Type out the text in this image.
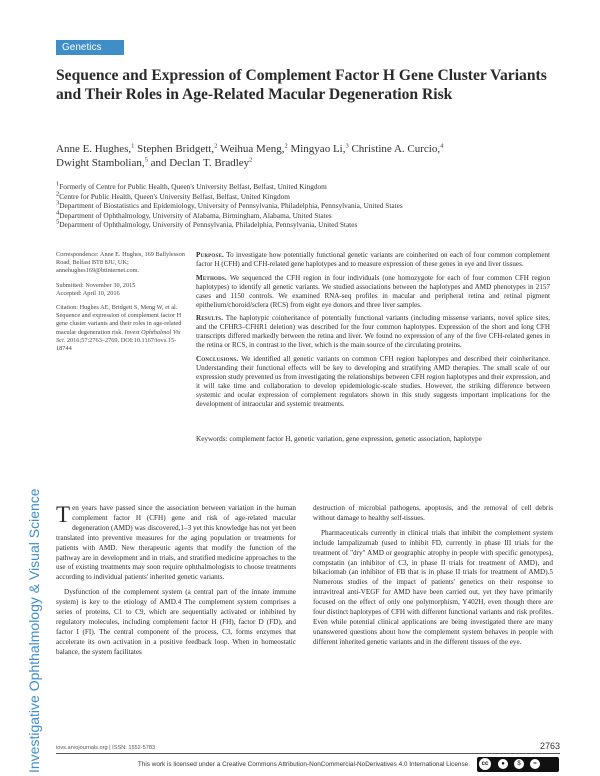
Genetics
Investigative Ophthalmology & Visual Science
Sequence and Expression of Complement Factor H Gene Cluster Variants and Their Roles in Age-Related Macular Degeneration Risk
Anne E. Hughes,$^1$ Stephen Bridgett,$^2$ Weihua Meng,$^2$ Mingyao Li,$^3$ Christine A. Curcio,$^4$
Dwight Stambolian,$^5$ and Declan T. Bradley$^2$
$^1$Formerly of Centre for Public Health, Queen's University Belfast, Belfast, United Kingdom
$^2$Centre for Public Health, Queen's University Belfast, Belfast, United Kingdom
$^3$Department of Biostatistics and Epidemiology, University of Pennsylvania, Philadelphia, Pennsylvania, United States
$^4$Department of Ophthalmology, University of Alabama, Birmingham, Alabama, United States
$^5$Department of Ophthalmology, University of Pennsylvania, Philadelphia, Pennsylvania, United States

Correspondence: Anne E. Hughes, 169 Ballylesson Road, Belfast BT8 8JU, UK; annehughes169@btinternet.com.

Submitted: November 30, 2015
Accepted: April 10, 2016

Citation: Hughes AE, Bridgett S, Meng W, et al. Sequence and expression of complement factor H gene cluster variants and their roles in age-related macular degeneration risk. Invest Ophthalmol Vis Sci. 2016;57:2763–2769. DOI:10.1167/iovs.15-18744

Purpose. To investigate how potentially functional genetic variants are coinherited on each of four common complement factor H (CFH) and CFH-related gene haplotypes and to measure expression of these genes in eye and liver tissues.

Methods. We sequenced the CFH region in four individuals (one homozygote for each of four common CFH region haplotypes) to identify all genetic variants. We studied associations between the haplotypes and AMD phenotypes in 2157 cases and 1150 controls. We examined RNA-seq profiles in macular and peripheral retina and retinal pigment epithelium/choroid/sclera (RCS) from eight eye donors and three liver samples.

Results. The haplotypic coinheritance of potentially functional variants (including missense variants, novel splice sites, and the CFHR3–CFHR1 deletion) was described for the four common haplotypes. Expression of the short and long CFH transcripts differed markedly between the retina and liver. We found no expression of any of the five CFH-related genes in the retina or RCS, in contrast to the liver, which is the main source of the circulating proteins.

Conclusions. We identified all genetic variants on common CFH region haplotypes and described their coinheritance. Understanding their functional effects will be key to developing and stratifying AMD therapies. The small scale of our expression study prevented us from investigating the relationships between CFH region haplotypes and their expression, and it will take time and collaboration to develop epidemiologic-scale studies. However, the striking difference between systemic and ocular expression of complement regulators shown in this study suggests important implications for the development of intraocular and systemic treatments.

Keywords: complement factor H, genetic variation, gene expression, genetic association, haplotype

Ten years have passed since the association between variation in the human complement factor H (CFH) gene and risk of age-related macular degeneration (AMD) was discovered,1–3 yet this knowledge has not yet been translated into preventive measures for the aging population or treatments for patients with AMD. New therapeutic agents that modify the function of the pathway are in development and in trials, and stratified medicine approaches to the use of existing treatments may soon require ophthalmologists to choose treatments according to individual patients' inherited genetic variants.

Dysfunction of the complement system (a central part of the innate immune system) is key to the etiology of AMD.4 The complement system comprises a series of proteins, C1 to C9, which are sequentially activated or inhibited by regulatory molecules, including complement factor H (FH), factor D (FD), and factor I (FI). The central component of the process, C3, forms enzymes that accelerate its own activation in a positive feedback loop. When in homeostatic balance, the system facilitates

destruction of microbial pathogens, apoptosis, and the removal of cell debris without damage to healthy self-tissues.

Pharmaceuticals currently in clinical trials that inhibit the complement system include lampalizumab (used to inhibit FD, currently in phase III trials for the treatment of "dry" AMD or geographic atrophy in people with specific genotypes), compstatin (an inhibitor of C3, in phase II trials for treatment of AMD), and bikaciomab (an inhibitor of FB that is in phase II trials for treatment of AMD).5 Numerous studies of the impact of patients' genetics on their response to intravitreal anti-VEGF for AMD have been carried out, yet they have primarily focused on the effect of only one polymorphism, Y402H, even though there are four distinct haplotypes of CFH with different functional variants and risk profiles. Even while potential clinical applications are being investigated there are many unanswered questions about how the complement system behaves in people with different inherited genetic variants and in the different tissues of the eye.

iovs.arvojournals.org | ISSN: 1552-5783	2763
This work is licensed under a Creative Commons Attribution-NonCommercial-NoDerivatives 4.0 International License.	cc	●	$	=
